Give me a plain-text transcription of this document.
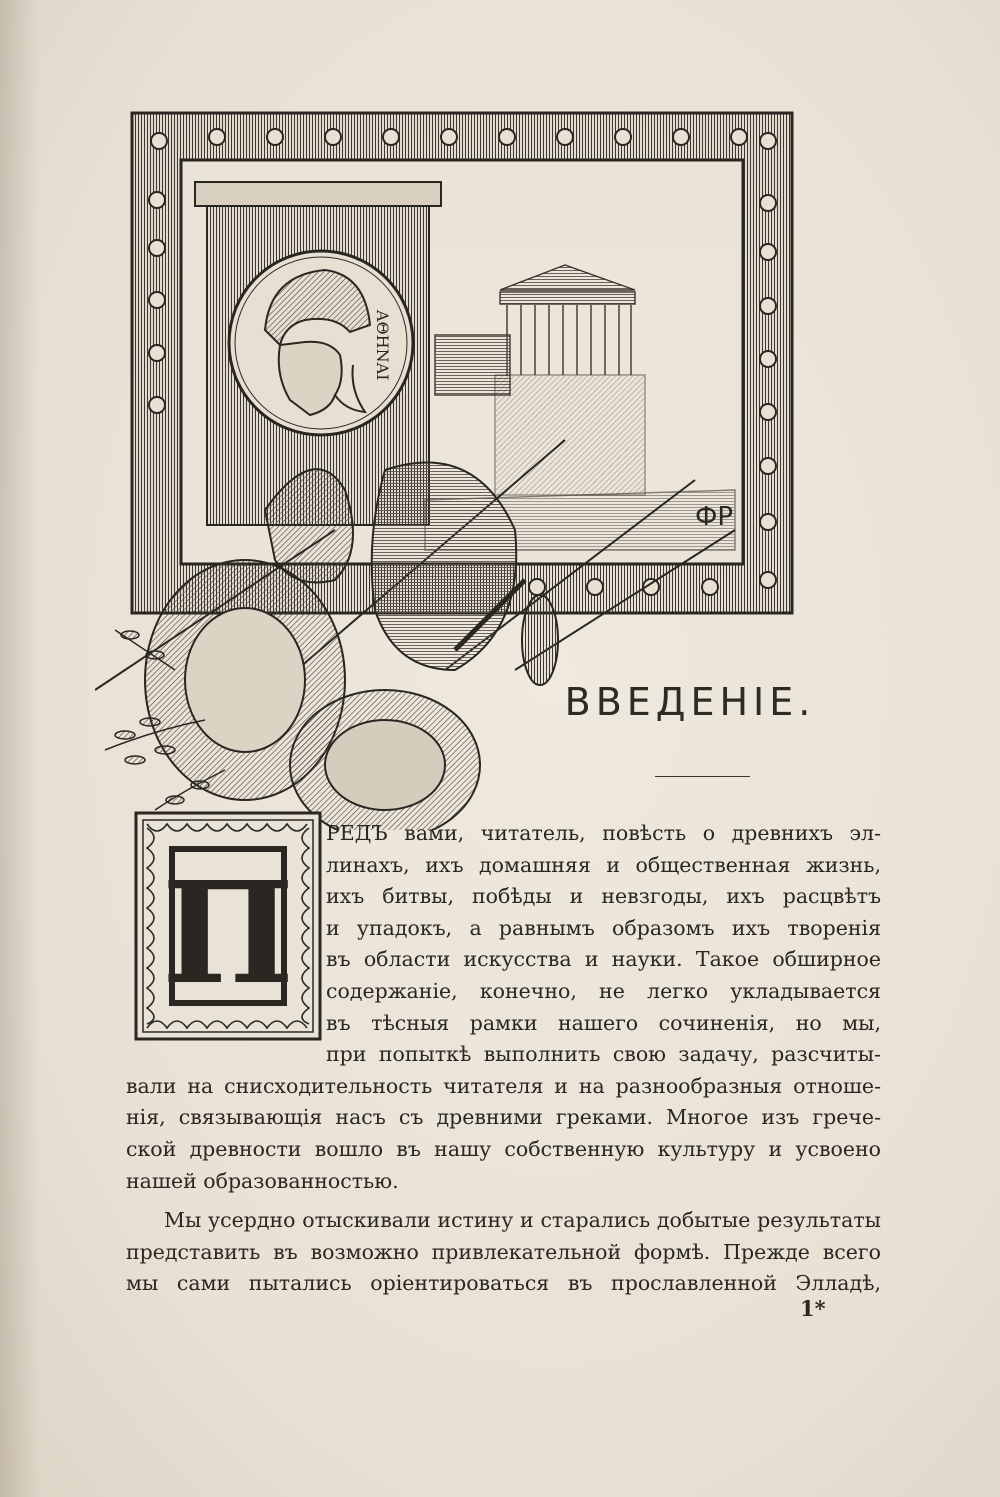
ФР
ΑΘΗΝΑΙ
ВВЕДЕНІЕ.
П
РЕДЪ вами, читатель, повѣсть о древнихъ эл-
линахъ, ихъ домашняя и общественная жизнь,
ихъ битвы, побѣды и невзгоды, ихъ расцвѣтъ
и упадокъ, а равнымъ образомъ ихъ творенія
въ области искусства и науки. Такое обширное
содержаніе, конечно, не легко укладывается
въ тѣсныя рамки нашего сочиненія, но мы,
при попыткѣ выполнить свою задачу, разсчиты-
вали на снисходительность читателя и на разнообразныя отноше-
нія, связывающія насъ съ древними греками. Многое изъ грече-
ской древности вошло въ нашу собственную культуру и усвоено
нашей образованностью.
Мы усердно отыскивали истину и старались добытые результаты
представить въ возможно привлекательной формѣ. Прежде всего
мы сами пытались оріентироваться въ прославленной Элладѣ,
1*
